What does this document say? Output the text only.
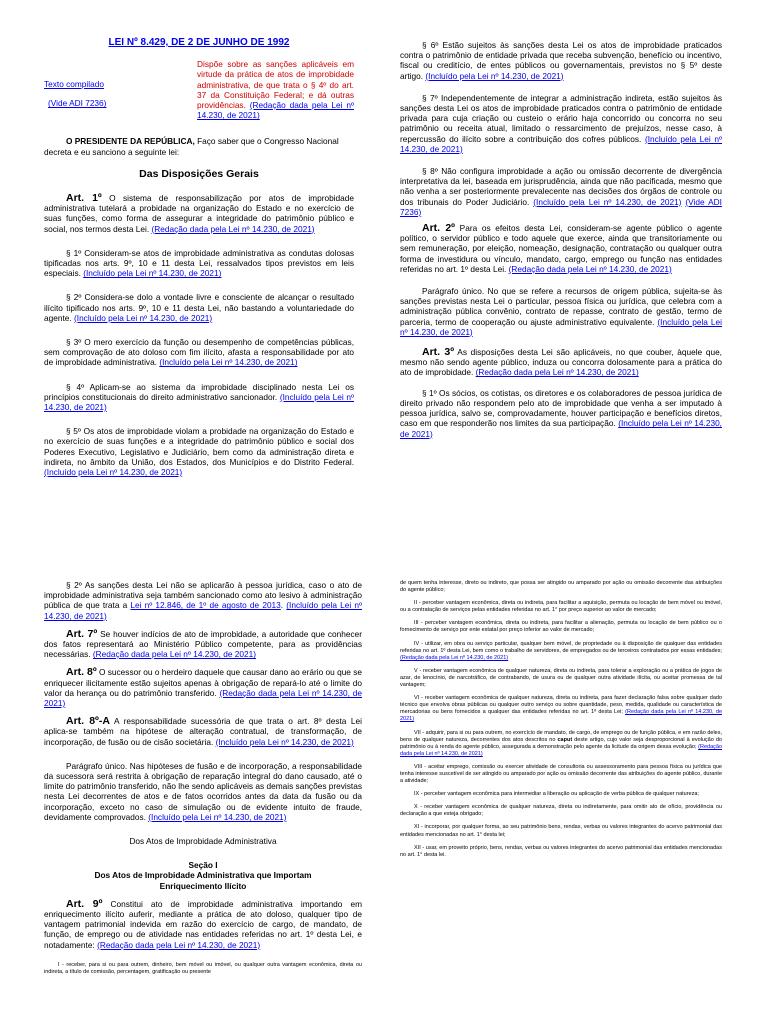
LEI Nº 8.429, DE 2 DE JUNHO DE 1992

Texto compilado

(Vide ADI 7236)

Dispõe sobre as sanções aplicáveis em virtude da prática de atos de improbidade administrativa, de que trata o § 4º do art. 37 da Constituição Federal; e dá outras providências. (Redação dada pela Lei nº 14.230, de 2021)

O PRESIDENTE DA REPÚBLICA, Faço saber que o Congresso Nacional decreta e eu sanciono a seguinte lei:

Das Disposições Gerais

Art. 1º O sistema de responsabilização por atos de improbidade administrativa tutelará a probidade na organização do Estado e no exercício de suas funções, como forma de assegurar a integridade do patrimônio público e social, nos termos desta Lei. (Redação dada pela Lei nº 14.230, de 2021)

§ 1º Consideram-se atos de improbidade administrativa as condutas dolosas tipificadas nos arts. 9º, 10 e 11 desta Lei, ressalvados tipos previstos em leis especiais. (Incluído pela Lei nº 14.230, de 2021)

§ 2º Considera-se dolo a vontade livre e consciente de alcançar o resultado ilícito tipificado nos arts. 9º, 10 e 11 desta Lei, não bastando a voluntariedade do agente. (Incluído pela Lei nº 14.230, de 2021)

§ 3º O mero exercício da função ou desempenho de competências públicas, sem comprovação de ato doloso com fim ilícito, afasta a responsabilidade por ato de improbidade administrativa. (Incluído pela Lei nº 14.230, de 2021)

§ 4º Aplicam-se ao sistema da improbidade disciplinado nesta Lei os princípios constitucionais do direito administrativo sancionador. (Incluído pela Lei nº 14.230, de 2021)

§ 5º Os atos de improbidade violam a probidade na organização do Estado e no exercício de suas funções e a integridade do patrimônio público e social dos Poderes Executivo, Legislativo e Judiciário, bem como da administração direta e indireta, no âmbito da União, dos Estados, dos Municípios e do Distrito Federal. (Incluído pela Lei nº 14.230, de 2021)

§ 6º Estão sujeitos às sanções desta Lei os atos de improbidade praticados contra o patrimônio de entidade privada que receba subvenção, benefício ou incentivo, fiscal ou creditício, de entes públicos ou governamentais, previstos no § 5º deste artigo. (Incluído pela Lei nº 14.230, de 2021)

§ 7º Independentemente de integrar a administração indireta, estão sujeitos às sanções desta Lei os atos de improbidade praticados contra o patrimônio de entidade privada para cuja criação ou custeio o erário haja concorrido ou concorra no seu patrimônio ou receita atual, limitado o ressarcimento de prejuízos, nesse caso, à repercussão do ilícito sobre a contribuição dos cofres públicos. (Incluído pela Lei nº 14.230, de 2021)

§ 8º Não configura improbidade a ação ou omissão decorrente de divergência interpretativa da lei, baseada em jurisprudência, ainda que não pacificada, mesmo que não venha a ser posteriormente prevalecente nas decisões dos órgãos de controle ou dos tribunais do Poder Judiciário. (Incluído pela Lei nº 14.230, de 2021) (Vide ADI 7236)

Art. 2º Para os efeitos desta Lei, consideram-se agente público o agente político, o servidor público e todo aquele que exerce, ainda que transitoriamente ou sem remuneração, por eleição, nomeação, designação, contratação ou qualquer outra forma de investidura ou vínculo, mandato, cargo, emprego ou função nas entidades referidas no art. 1º desta Lei. (Redação dada pela Lei nº 14.230, de 2021)

Parágrafo único. No que se refere a recursos de origem pública, sujeita-se às sanções previstas nesta Lei o particular, pessoa física ou jurídica, que celebra com a administração pública convênio, contrato de repasse, contrato de gestão, termo de parceria, termo de cooperação ou ajuste administrativo equivalente. (Incluído pela Lei nº 14.230, de 2021)

Art. 3º As disposições desta Lei são aplicáveis, no que couber, àquele que, mesmo não sendo agente público, induza ou concorra dolosamente para a prática do ato de improbidade. (Redação dada pela Lei nº 14.230, de 2021)

§ 1º Os sócios, os cotistas, os diretores e os colaboradores de pessoa jurídica de direito privado não respondem pelo ato de improbidade que venha a ser imputado à pessoa jurídica, salvo se, comprovadamente, houver participação e benefícios diretos, caso em que responderão nos limites da sua participação. (Incluído pela Lei nº 14.230, de 2021)

§ 2º As sanções desta Lei não se aplicarão à pessoa jurídica, caso o ato de improbidade administrativa seja também sancionado como ato lesivo à administração pública de que trata a Lei nº 12.846, de 1º de agosto de 2013. (Incluído pela Lei nº 14.230, de 2021)

Art. 7º Se houver indícios de ato de improbidade, a autoridade que conhecer dos fatos representará ao Ministério Público competente, para as providências necessárias. (Redação dada pela Lei nº 14.230, de 2021)

Art. 8º O sucessor ou o herdeiro daquele que causar dano ao erário ou que se enriquecer ilicitamente estão sujeitos apenas à obrigação de repará-lo até o limite do valor da herança ou do patrimônio transferido. (Redação dada pela Lei nº 14.230, de 2021)

Art. 8º-A A responsabilidade sucessória de que trata o art. 8º desta Lei aplica-se também na hipótese de alteração contratual, de transformação, de incorporação, de fusão ou de cisão societária. (Incluído pela Lei nº 14.230, de 2021)

Parágrafo único. Nas hipóteses de fusão e de incorporação, a responsabilidade da sucessora será restrita à obrigação de reparação integral do dano causado, até o limite do patrimônio transferido, não lhe sendo aplicáveis as demais sanções previstas nesta Lei decorrentes de atos e de fatos ocorridos antes da data da fusão ou da incorporação, exceto no caso de simulação ou de evidente intuito de fraude, devidamente comprovados. (Incluído pela Lei nº 14.230, de 2021)

Dos Atos de Improbidade Administrativa

Seção I

Dos Atos de Improbidade Administrativa que Importam Enriquecimento Ilícito

Art. 9º Constitui ato de improbidade administrativa importando em enriquecimento ilícito auferir, mediante a prática de ato doloso, qualquer tipo de vantagem patrimonial indevida em razão do exercício de cargo, de mandato, de função, de emprego ou de atividade nas entidades referidas no art. 1º desta Lei, e notadamente: (Redação dada pela Lei nº 14.230, de 2021)

I - receber, para si ou para outrem, dinheiro, bem móvel ou imóvel, ou qualquer outra vantagem econômica, direta ou indireta, a título de comissão, percentagem, gratificação ou presente

de quem tenha interesse, direto ou indireto, que possa ser atingido ou amparado por ação ou omissão decorrente das atribuições do agente público;

II - perceber vantagem econômica, direta ou indireta, para facilitar a aquisição, permuta ou locação de bem móvel ou imóvel, ou a contratação de serviços pelas entidades referidas no art. 1° por preço superior ao valor de mercado;

III - perceber vantagem econômica, direta ou indireta, para facilitar a alienação, permuta ou locação de bem público ou o fornecimento de serviço por ente estatal por preço inferior ao valor de mercado;

IV - utilizar, em obra ou serviço particular, qualquer bem móvel, de propriedade ou à disposição de qualquer das entidades referidas no art. 1º desta Lei, bem como o trabalho de servidores, de empregados ou de terceiros contratados por essas entidades; (Redação dada pela Lei nº 14.230, de 2021)

V - receber vantagem econômica de qualquer natureza, direta ou indireta, para tolerar a exploração ou a prática de jogos de azar, de lenocínio, de narcotráfico, de contrabando, de usura ou de qualquer outra atividade ilícita, ou aceitar promessa de tal vantagem;

VI - receber vantagem econômica de qualquer natureza, direta ou indireta, para fazer declaração falsa sobre qualquer dado técnico que envolva obras públicas ou qualquer outro serviço ou sobre quantidade, peso, medida, qualidade ou característica de mercadorias ou bens fornecidos a qualquer das entidades referidas no art. 1º desta Lei; (Redação dada pela Lei nº 14.230, de 2021)

VII - adquirir, para si ou para outrem, no exercício de mandato, de cargo, de emprego ou de função pública, e em razão deles, bens de qualquer natureza, decorrentes dos atos descritos no caput deste artigo, cujo valor seja desproporcional à evolução do patrimônio ou à renda do agente público, assegurada a demonstração pelo agente da licitude da origem dessa evolução; (Redação dada pela Lei nº 14.230, de 2021)

VIII - aceitar emprego, comissão ou exercer atividade de consultoria ou assessoramento para pessoa física ou jurídica que tenha interesse suscetível de ser atingido ou amparado por ação ou omissão decorrente das atribuições do agente público, durante a atividade;

IX - perceber vantagem econômica para intermediar a liberação ou aplicação de verba pública de qualquer natureza;

X - receber vantagem econômica de qualquer natureza, direta ou indiretamente, para omitir ato de ofício, providência ou declaração a que esteja obrigado;

XI - incorporar, por qualquer forma, ao seu patrimônio bens, rendas, verbas ou valores integrantes do acervo patrimonial das entidades mencionadas no art. 1° desta lei;

XII - usar, em proveito próprio, bens, rendas, verbas ou valores integrantes do acervo patrimonial das entidades mencionadas no art. 1° desta lei.
